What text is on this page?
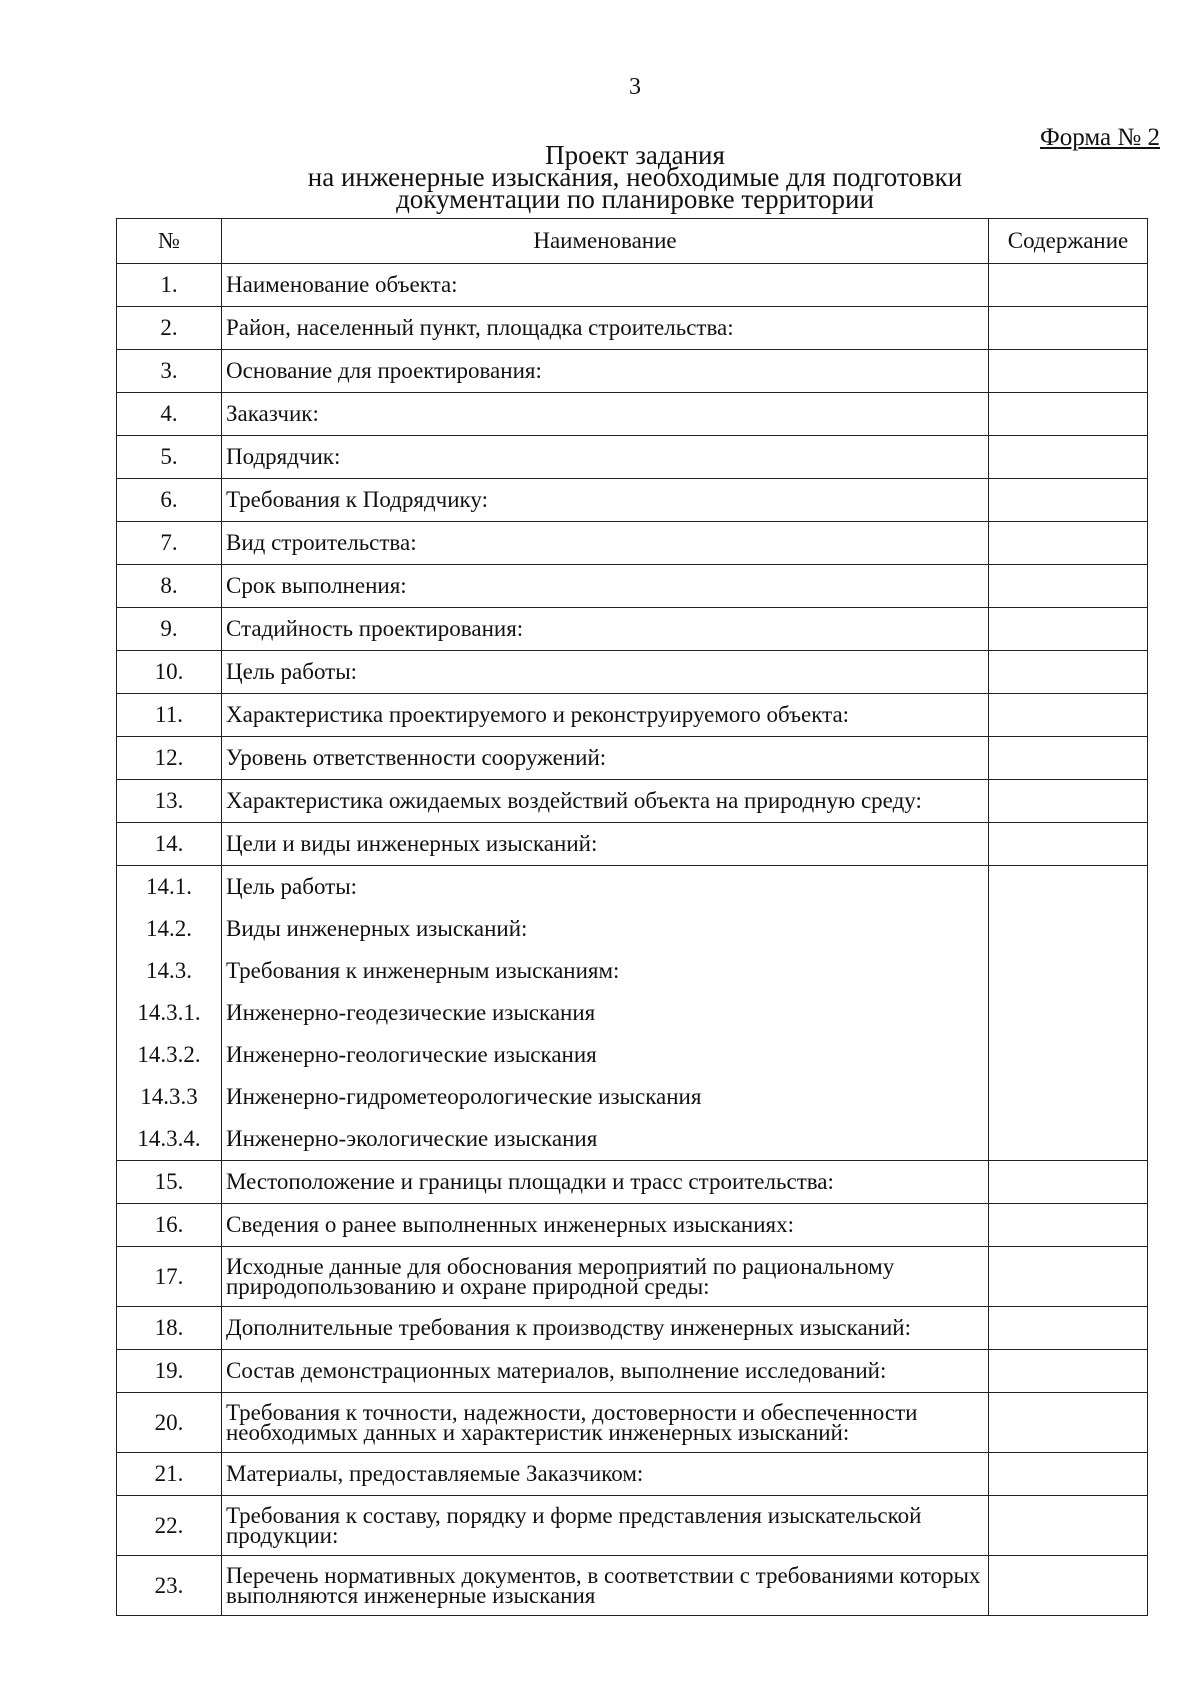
3
Форма № 2
Проект задания
на инженерные изыскания, необходимые для подготовки
документации по планировке территории
№	Наименование	Содержание
1.	Наименование объекта:	
2.	Район, населенный пункт, площадка строительства:	
3.	Основание для проектирования:	
4.	Заказчик:	
5.	Подрядчик:	
6.	Требования к Подрядчику:	
7.	Вид строительства:	
8.	Срок выполнения:	
9.	Стадийность проектирования:	
10.	Цель работы:	
11.	Характеристика проектируемого и реконструируемого объекта:	
12.	Уровень ответственности сооружений:	
13.	Характеристика ожидаемых воздействий объекта на природную среду:	
14.	Цели и виды инженерных изысканий:	
14.1.	Цель работы:	
14.2.	Виды инженерных изысканий:	
14.3.	Требования к инженерным изысканиям:	
14.3.1.	Инженерно-геодезические изыскания	
14.3.2.	Инженерно-геологические изыскания	
14.3.3	Инженерно-гидрометеорологические изыскания	
14.3.4.	Инженерно-экологические изыскания	
15.	Местоположение и границы площадки и трасс строительства:	
16.	Сведения о ранее выполненных инженерных изысканиях:	
17.	Исходные данные для обоснования мероприятий по рациональному природопользованию и охране природной среды:	
18.	Дополнительные требования к производству инженерных изысканий:	
19.	Состав демонстрационных материалов, выполнение исследований:	
20.	Требования к точности, надежности, достоверности и обеспеченности необходимых данных и характеристик инженерных изысканий:	
21.	Материалы, предоставляемые Заказчиком:	
22.	Требования к составу, порядку и форме представления изыскательской продукции:	
23.	Перечень нормативных документов, в соответствии с требованиями которых выполняются инженерные изыскания	
